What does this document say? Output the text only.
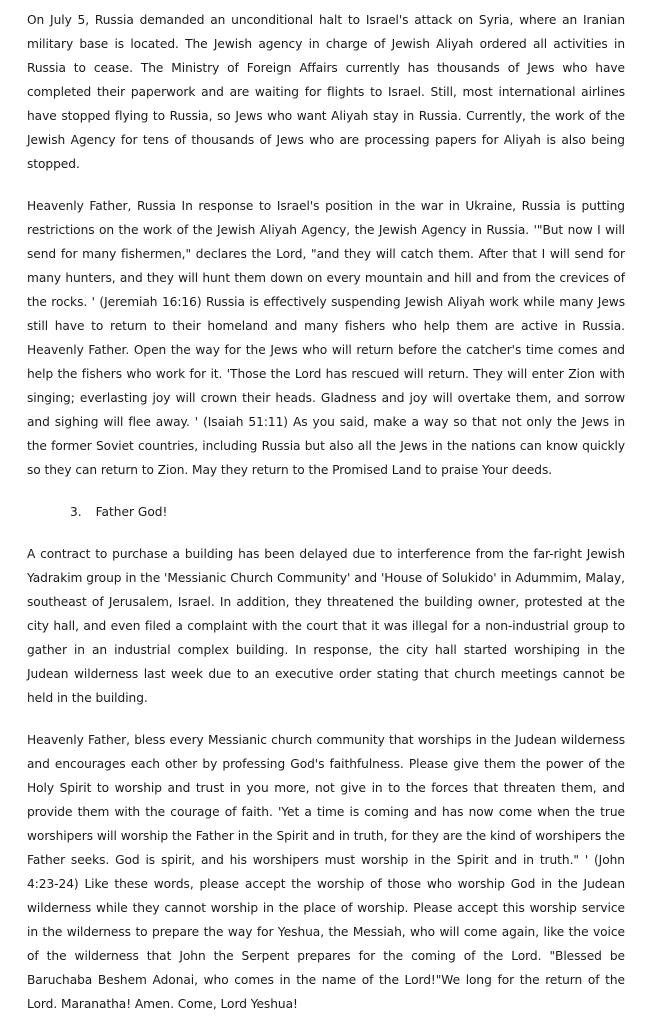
On July 5, Russia demanded an unconditional halt to Israel's attack on Syria, where an Iranian military base is located. The Jewish agency in charge of Jewish Aliyah ordered all activities in Russia to cease. The Ministry of Foreign Affairs currently has thousands of Jews who have completed their paperwork and are waiting for flights to Israel. Still, most international airlines have stopped flying to Russia, so Jews who want Aliyah stay in Russia. Currently, the work of the Jewish Agency for tens of thousands of Jews who are processing papers for Aliyah is also being stopped.

Heavenly Father, Russia In response to Israel's position in the war in Ukraine, Russia is putting restrictions on the work of the Jewish Aliyah Agency, the Jewish Agency in Russia. '"But now I will send for many fishermen," declares the Lord, "and they will catch them. After that I will send for many hunters, and they will hunt them down on every mountain and hill and from the crevices of the rocks. ' (Jeremiah 16:16) Russia is effectively suspending Jewish Aliyah work while many Jews still have to return to their homeland and many fishers who help them are active in Russia. Heavenly Father. Open the way for the Jews who will return before the catcher's time comes and help the fishers who work for it. 'Those the Lord has rescued will return. They will enter Zion with singing; everlasting joy will crown their heads. Gladness and joy will overtake them, and sorrow and sighing will flee away. ' (Isaiah 51:11) As you said, make a way so that not only the Jews in the former Soviet countries, including Russia but also all the Jews in the nations can know quickly so they can return to Zion. May they return to the Promised Land to praise Your deeds.

3. Father God!

A contract to purchase a building has been delayed due to interference from the far-right Jewish Yadrakim group in the 'Messianic Church Community' and 'House of Solukido' in Adummim, Malay, southeast of Jerusalem, Israel. In addition, they threatened the building owner, protested at the city hall, and even filed a complaint with the court that it was illegal for a non-industrial group to gather in an industrial complex building. In response, the city hall started worshiping in the Judean wilderness last week due to an executive order stating that church meetings cannot be held in the building.

Heavenly Father, bless every Messianic church community that worships in the Judean wilderness and encourages each other by professing God's faithfulness. Please give them the power of the Holy Spirit to worship and trust in you more, not give in to the forces that threaten them, and provide them with the courage of faith. 'Yet a time is coming and has now come when the true worshipers will worship the Father in the Spirit and in truth, for they are the kind of worshipers the Father seeks. God is spirit, and his worshipers must worship in the Spirit and in truth." ' (John 4:23-24) Like these words, please accept the worship of those who worship God in the Judean wilderness while they cannot worship in the place of worship. Please accept this worship service in the wilderness to prepare the way for Yeshua, the Messiah, who will come again, like the voice of the wilderness that John the Serpent prepares for the coming of the Lord. "Blessed be Baruchaba Beshem Adonai, who comes in the name of the Lord!"We long for the return of the Lord. Maranatha! Amen. Come, Lord Yeshua!
